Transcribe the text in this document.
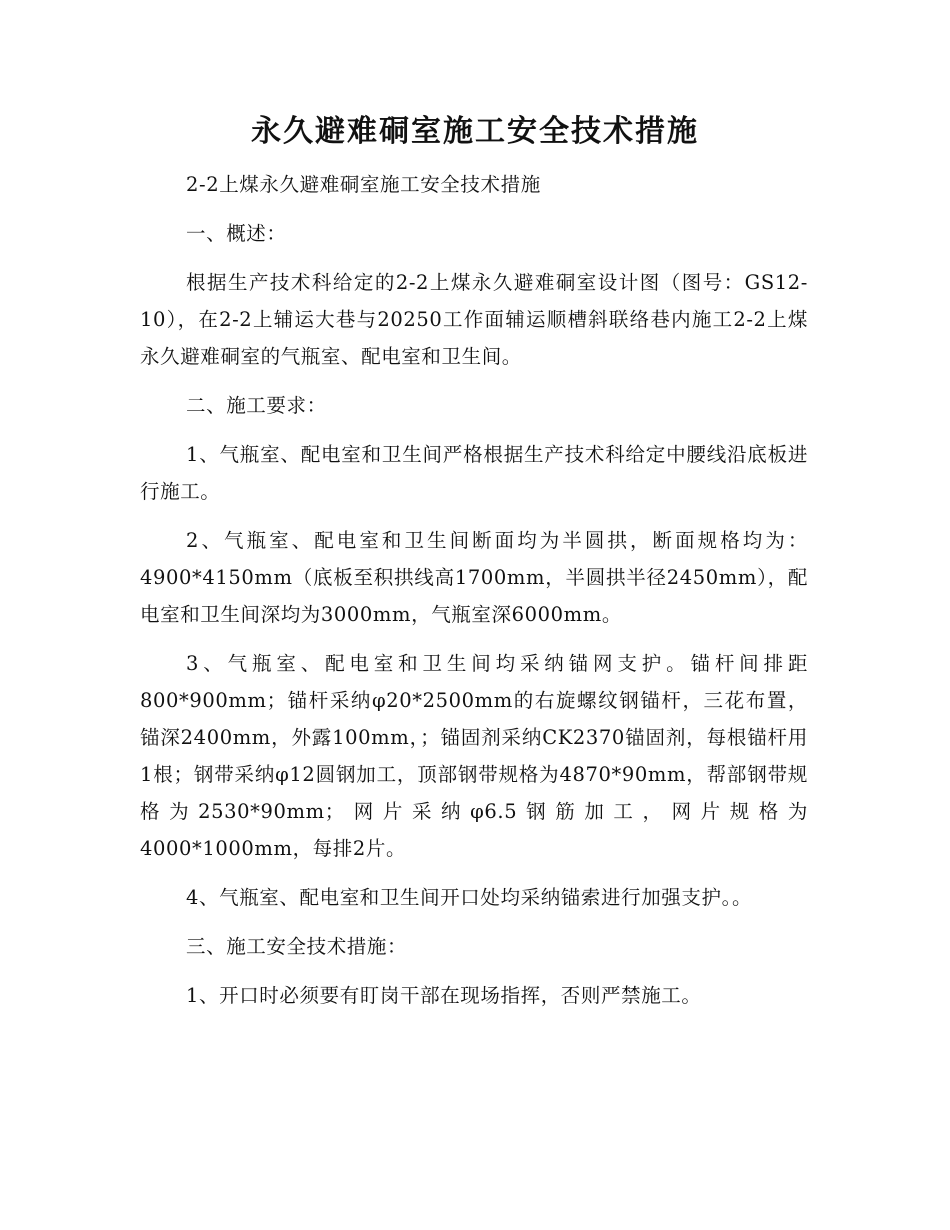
永久避难硐室施工安全技术措施

2-2上煤永久避难硐室施工安全技术措施

一、概述：

根据生产技术科给定的2-2上煤永久避难硐室设计图（图号：GS12-10），在2-2上辅运大巷与20250工作面辅运顺槽斜联络巷内施工2-2上煤永久避难硐室的气瓶室、配电室和卫生间。

二、施工要求：

1、气瓶室、配电室和卫生间严格根据生产技术科给定中腰线沿底板进行施工。

2、气瓶室、配电室和卫生间断面均为半圆拱，断面规格均为：4900*4150mm（底板至积拱线高1700mm，半圆拱半径2450mm），配电室和卫生间深均为3000mm，气瓶室深6000mm。

3、气瓶室、配电室和卫生间均采纳锚网支护。锚杆间排距800*900mm；锚杆采纳φ20*2500mm的右旋螺纹钢锚杆，三花布置，锚深2400mm，外露100mm，；锚固剂采纳CK2370锚固剂，每根锚杆用1根；钢带采纳φ12圆钢加工，顶部钢带规格为4870*90mm，帮部钢带规格为2530*90mm；网片采纳φ6.5钢筋加工，网片规格为4000*1000mm，每排2片。

4、气瓶室、配电室和卫生间开口处均采纳锚索进行加强支护。。

三、施工安全技术措施：

1、开口时必须要有盯岗干部在现场指挥，否则严禁施工。
